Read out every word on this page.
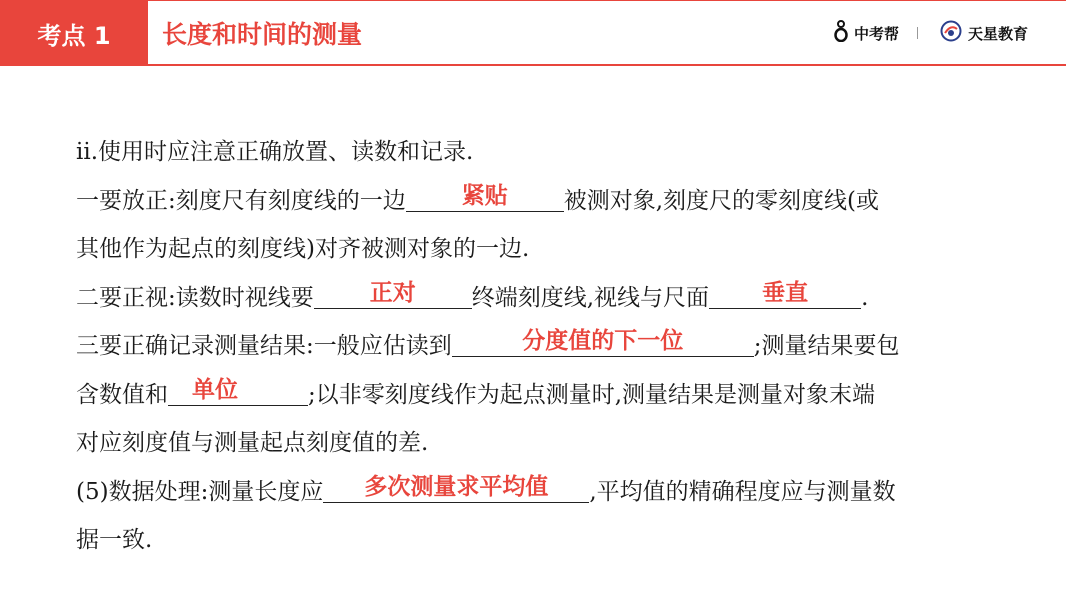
考点 1	长度和时间的测量	中考帮	天星教育
ⅱ.使用时应注意正确放置、读数和记录.
一要放正:刻度尺有刻度线的一边	紧贴	被测对象,刻度尺的零刻度线(或
其他作为起点的刻度线)对齐被测对象的一边.
二要正视:读数时视线要	正对	终端刻度线,视线与尺面	垂直	.
三要正确记录测量结果:一般应估读到	分度值的下一位	;测量结果要包
含数值和 单位	;以非零刻度线作为起点测量时,测量结果是测量对象末端
对应刻度值与测量起点刻度值的差.
(5)数据处理:测量长度应	多次测量求平均值	,平均值的精确程度应与测量数
据一致.
